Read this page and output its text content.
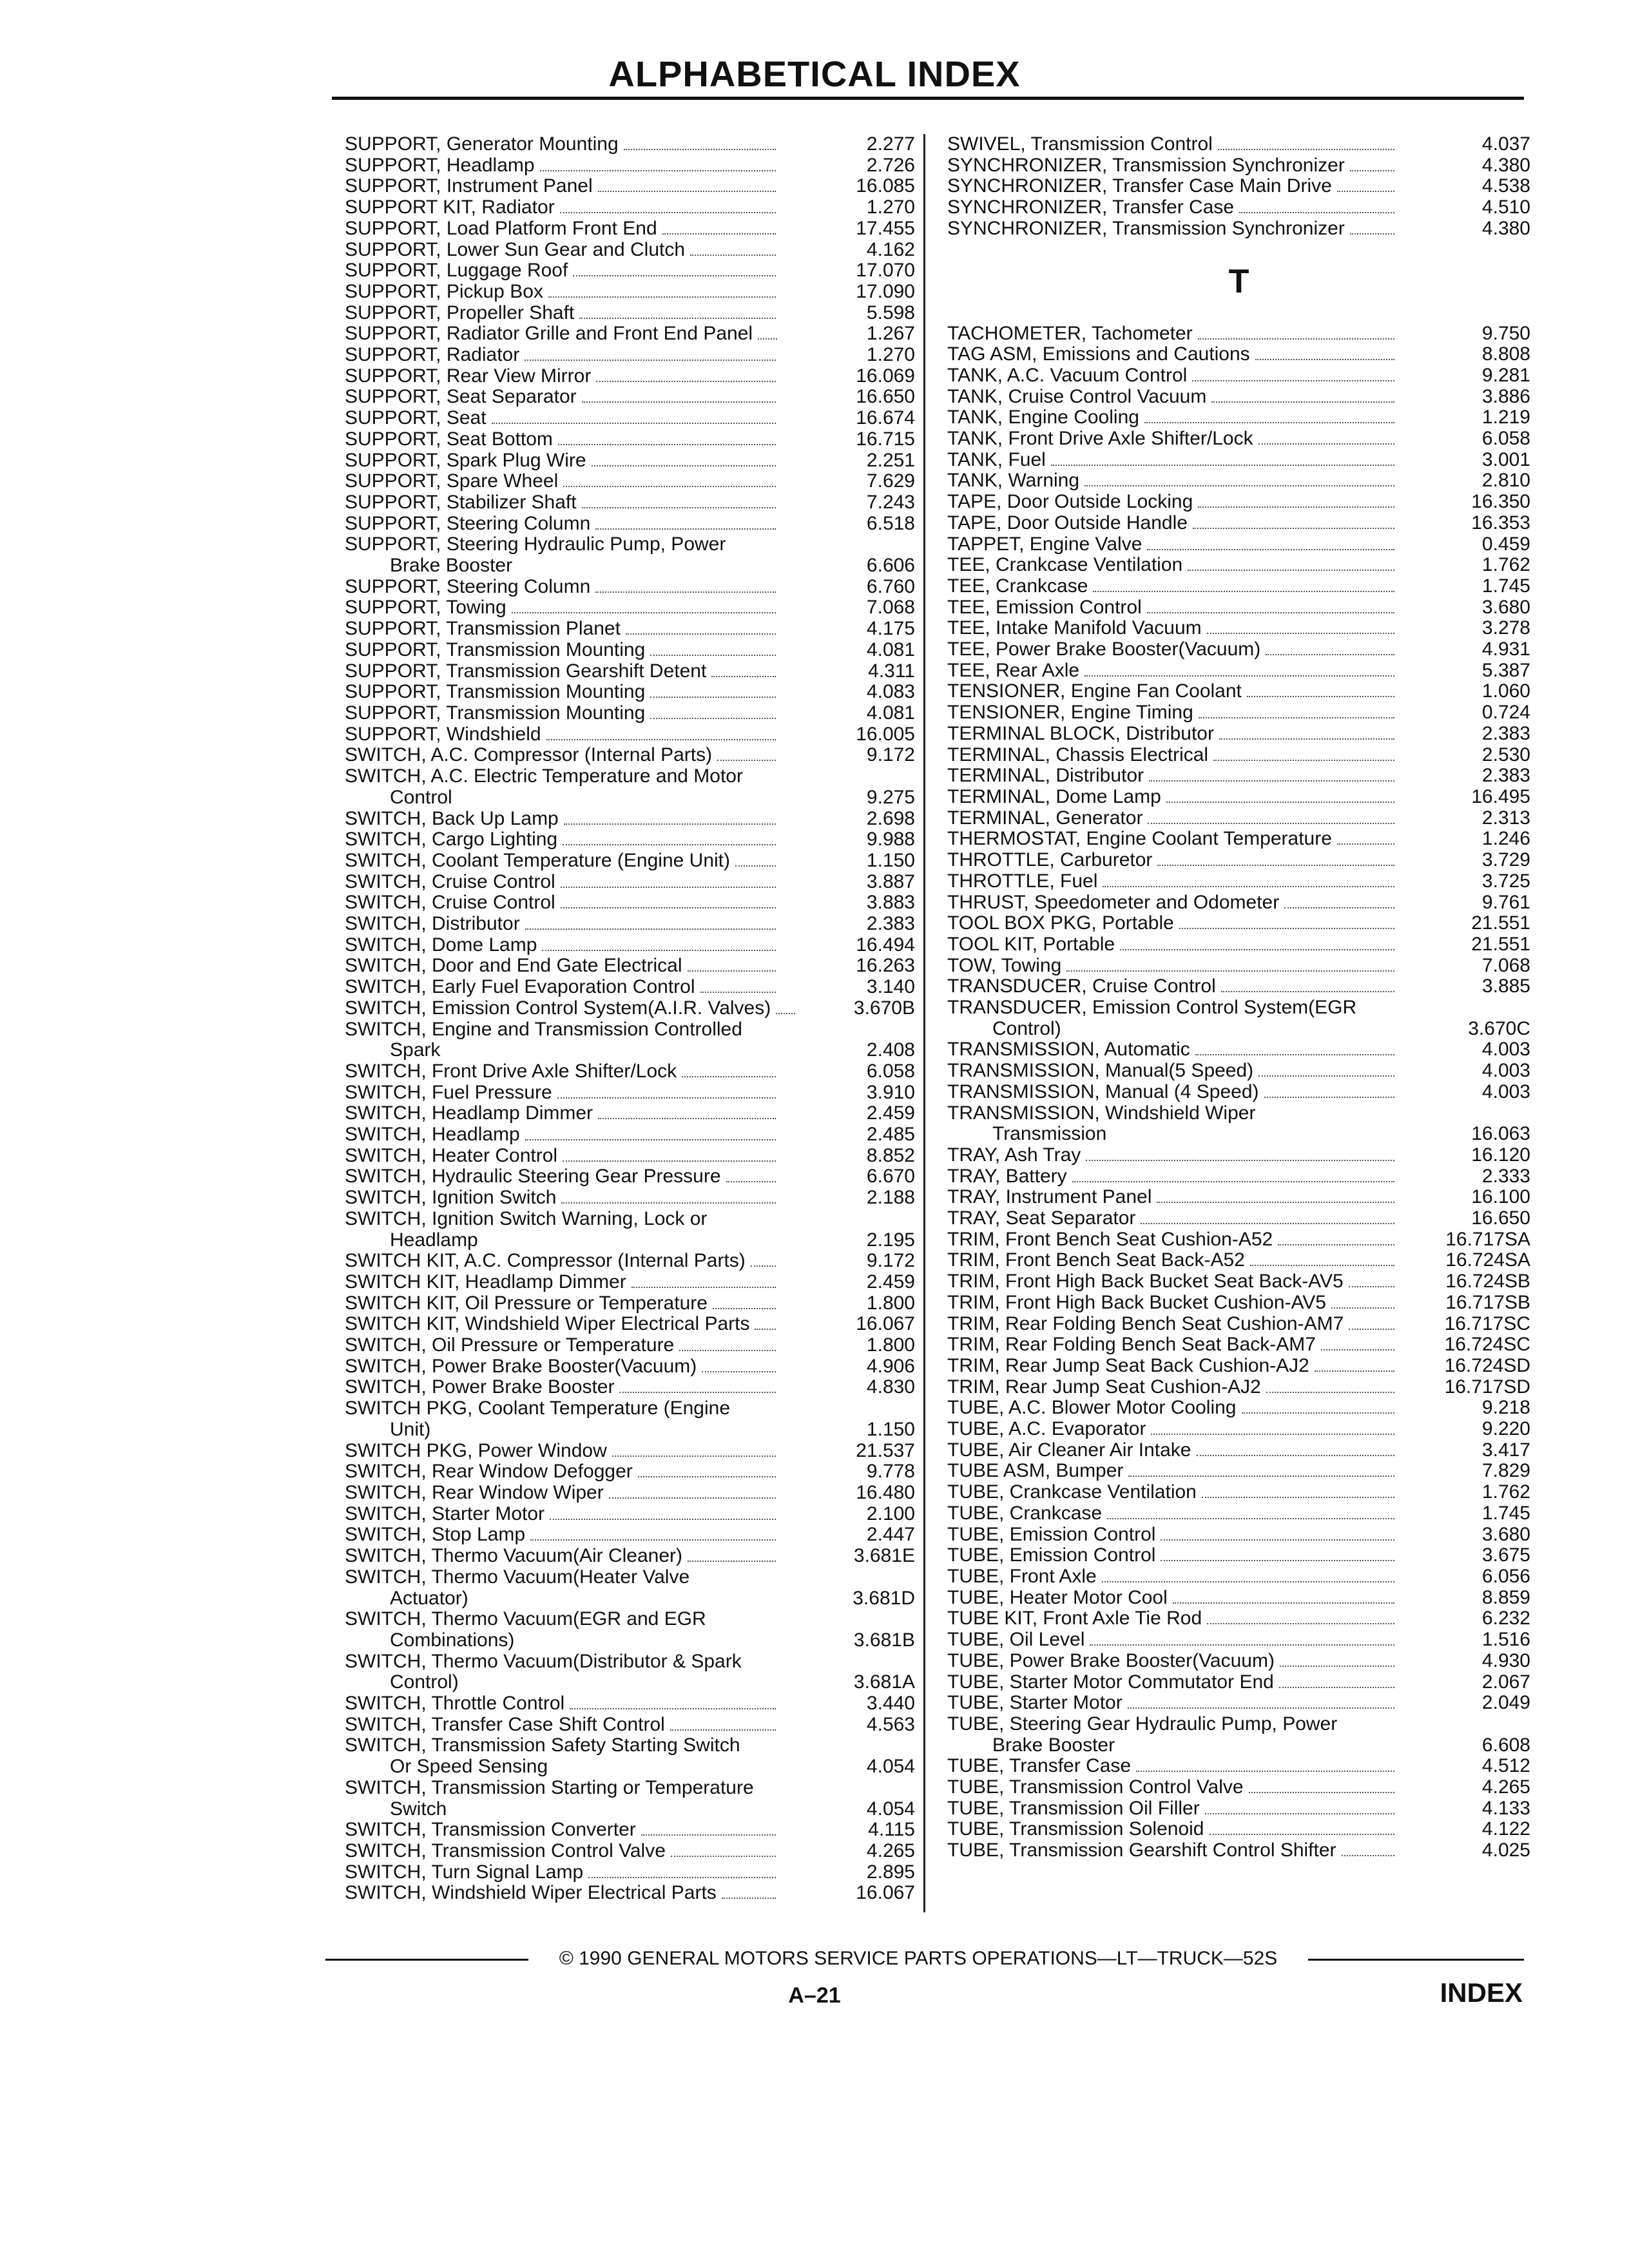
ALPHABETICAL INDEX
SUPPORT, Generator Mounting	2.277
SUPPORT, Headlamp	2.726
SUPPORT, Instrument Panel	16.085
SUPPORT KIT, Radiator	1.270
SUPPORT, Load Platform Front End	17.455
SUPPORT, Lower Sun Gear and Clutch	4.162
SUPPORT, Luggage Roof	17.070
SUPPORT, Pickup Box	17.090
SUPPORT, Propeller Shaft	5.598
SUPPORT, Radiator Grille and Front End Panel	1.267
SUPPORT, Radiator	1.270
SUPPORT, Rear View Mirror	16.069
SUPPORT, Seat Separator	16.650
SUPPORT, Seat	16.674
SUPPORT, Seat Bottom	16.715
SUPPORT, Spark Plug Wire	2.251
SUPPORT, Spare Wheel	7.629
SUPPORT, Stabilizer Shaft	7.243
SUPPORT, Steering Column	6.518
SUPPORT, Steering Hydraulic Pump, Power
Brake Booster	6.606
SUPPORT, Steering Column	6.760
SUPPORT, Towing	7.068
SUPPORT, Transmission Planet	4.175
SUPPORT, Transmission Mounting	4.081
SUPPORT, Transmission Gearshift Detent	4.311
SUPPORT, Transmission Mounting	4.083
SUPPORT, Transmission Mounting	4.081
SUPPORT, Windshield	16.005
SWITCH, A.C. Compressor (Internal Parts)	9.172
SWITCH, A.C. Electric Temperature and Motor
Control	9.275
SWITCH, Back Up Lamp	2.698
SWITCH, Cargo Lighting	9.988
SWITCH, Coolant Temperature (Engine Unit)	1.150
SWITCH, Cruise Control	3.887
SWITCH, Cruise Control	3.883
SWITCH, Distributor	2.383
SWITCH, Dome Lamp	16.494
SWITCH, Door and End Gate Electrical	16.263
SWITCH, Early Fuel Evaporation Control	3.140
SWITCH, Emission Control System(A.I.R. Valves)	3.670B
SWITCH, Engine and Transmission Controlled
Spark	2.408
SWITCH, Front Drive Axle Shifter/Lock	6.058
SWITCH, Fuel Pressure	3.910
SWITCH, Headlamp Dimmer	2.459
SWITCH, Headlamp	2.485
SWITCH, Heater Control	8.852
SWITCH, Hydraulic Steering Gear Pressure	6.670
SWITCH, Ignition Switch	2.188
SWITCH, Ignition Switch Warning, Lock or
Headlamp	2.195
SWITCH KIT, A.C. Compressor (Internal Parts)	9.172
SWITCH KIT, Headlamp Dimmer	2.459
SWITCH KIT, Oil Pressure or Temperature	1.800
SWITCH KIT, Windshield Wiper Electrical Parts	16.067
SWITCH, Oil Pressure or Temperature	1.800
SWITCH, Power Brake Booster(Vacuum)	4.906
SWITCH, Power Brake Booster	4.830
SWITCH PKG, Coolant Temperature (Engine
Unit)	1.150
SWITCH PKG, Power Window	21.537
SWITCH, Rear Window Defogger	9.778
SWITCH, Rear Window Wiper	16.480
SWITCH, Starter Motor	2.100
SWITCH, Stop Lamp	2.447
SWITCH, Thermo Vacuum(Air Cleaner)	3.681E
SWITCH, Thermo Vacuum(Heater Valve
Actuator)	3.681D
SWITCH, Thermo Vacuum(EGR and EGR
Combinations)	3.681B
SWITCH, Thermo Vacuum(Distributor & Spark
Control)	3.681A
SWITCH, Throttle Control	3.440
SWITCH, Transfer Case Shift Control	4.563
SWITCH, Transmission Safety Starting Switch
Or Speed Sensing	4.054
SWITCH, Transmission Starting or Temperature
Switch	4.054
SWITCH, Transmission Converter	4.115
SWITCH, Transmission Control Valve	4.265
SWITCH, Turn Signal Lamp	2.895
SWITCH, Windshield Wiper Electrical Parts	16.067
SWIVEL, Transmission Control	4.037
SYNCHRONIZER, Transmission Synchronizer	4.380
SYNCHRONIZER, Transfer Case Main Drive	4.538
SYNCHRONIZER, Transfer Case	4.510
SYNCHRONIZER, Transmission Synchronizer	4.380
T
TACHOMETER, Tachometer	9.750
TAG ASM, Emissions and Cautions	8.808
TANK, A.C. Vacuum Control	9.281
TANK, Cruise Control Vacuum	3.886
TANK, Engine Cooling	1.219
TANK, Front Drive Axle Shifter/Lock	6.058
TANK, Fuel	3.001
TANK, Warning	2.810
TAPE, Door Outside Locking	16.350
TAPE, Door Outside Handle	16.353
TAPPET, Engine Valve	0.459
TEE, Crankcase Ventilation	1.762
TEE, Crankcase	1.745
TEE, Emission Control	3.680
TEE, Intake Manifold Vacuum	3.278
TEE, Power Brake Booster(Vacuum)	4.931
TEE, Rear Axle	5.387
TENSIONER, Engine Fan Coolant	1.060
TENSIONER, Engine Timing	0.724
TERMINAL BLOCK, Distributor	2.383
TERMINAL, Chassis Electrical	2.530
TERMINAL, Distributor	2.383
TERMINAL, Dome Lamp	16.495
TERMINAL, Generator	2.313
THERMOSTAT, Engine Coolant Temperature	1.246
THROTTLE, Carburetor	3.729
THROTTLE, Fuel	3.725
THRUST, Speedometer and Odometer	9.761
TOOL BOX PKG, Portable	21.551
TOOL KIT, Portable	21.551
TOW, Towing	7.068
TRANSDUCER, Cruise Control	3.885
TRANSDUCER, Emission Control System(EGR
Control)	3.670C
TRANSMISSION, Automatic	4.003
TRANSMISSION, Manual(5 Speed)	4.003
TRANSMISSION, Manual (4 Speed)	4.003
TRANSMISSION, Windshield Wiper
Transmission	16.063
TRAY, Ash Tray	16.120
TRAY, Battery	2.333
TRAY, Instrument Panel	16.100
TRAY, Seat Separator	16.650
TRIM, Front Bench Seat Cushion-A52	16.717SA
TRIM, Front Bench Seat Back-A52	16.724SA
TRIM, Front High Back Bucket Seat Back-AV5	16.724SB
TRIM, Front High Back Bucket Cushion-AV5	16.717SB
TRIM, Rear Folding Bench Seat Cushion-AM7	16.717SC
TRIM, Rear Folding Bench Seat Back-AM7	16.724SC
TRIM, Rear Jump Seat Back Cushion-AJ2	16.724SD
TRIM, Rear Jump Seat Cushion-AJ2	16.717SD
TUBE, A.C. Blower Motor Cooling	9.218
TUBE, A.C. Evaporator	9.220
TUBE, Air Cleaner Air Intake	3.417
TUBE ASM, Bumper	7.829
TUBE, Crankcase Ventilation	1.762
TUBE, Crankcase	1.745
TUBE, Emission Control	3.680
TUBE, Emission Control	3.675
TUBE, Front Axle	6.056
TUBE, Heater Motor Cool	8.859
TUBE KIT, Front Axle Tie Rod	6.232
TUBE, Oil Level	1.516
TUBE, Power Brake Booster(Vacuum)	4.930
TUBE, Starter Motor Commutator End	2.067
TUBE, Starter Motor	2.049
TUBE, Steering Gear Hydraulic Pump, Power
Brake Booster	6.608
TUBE, Transfer Case	4.512
TUBE, Transmission Control Valve	4.265
TUBE, Transmission Oil Filler	4.133
TUBE, Transmission Solenoid	4.122
TUBE, Transmission Gearshift Control Shifter	4.025
© 1990 GENERAL MOTORS SERVICE PARTS OPERATIONS—LT—TRUCK—52S
A–21	INDEX
